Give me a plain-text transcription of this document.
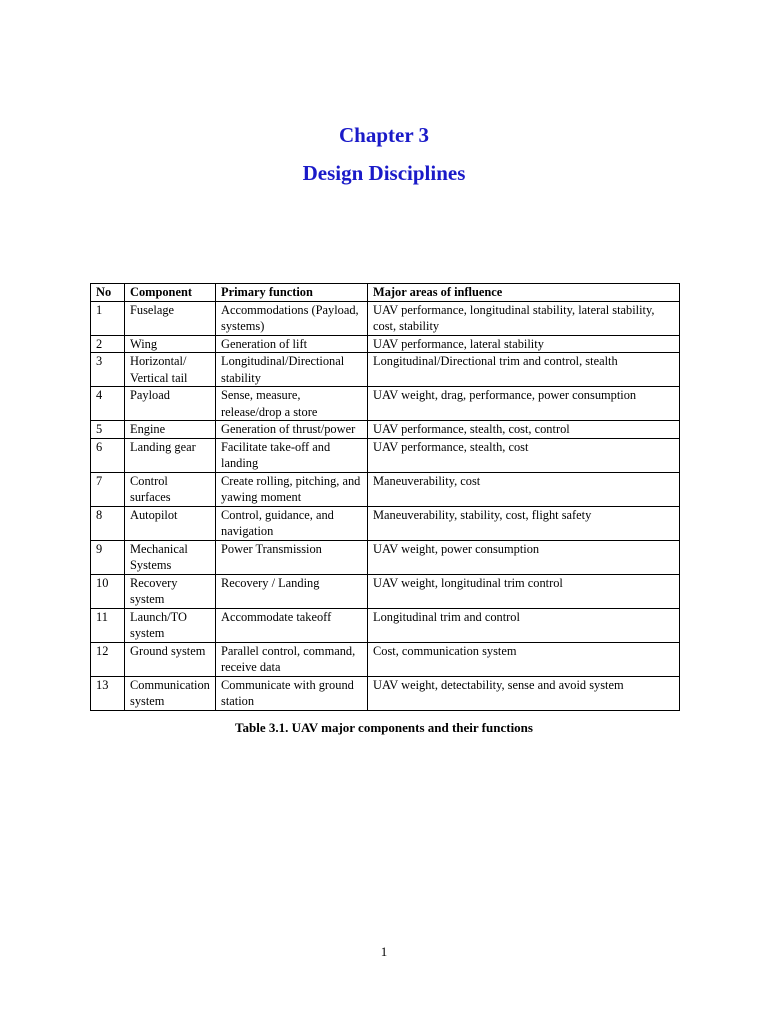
Chapter 3
Design Disciplines
No	Component	Primary function	Major areas of influence
1	Fuselage	Accommodations (Payload, systems)	UAV performance, longitudinal stability, lateral stability, cost, stability
2	Wing	Generation of lift	UAV performance, lateral stability
3	Horizontal/ Vertical tail	Longitudinal/Directional stability	Longitudinal/Directional trim and control, stealth
4	Payload	Sense, measure, release/drop a store	UAV weight, drag, performance, power consumption
5	Engine	Generation of thrust/power	UAV performance, stealth, cost, control
6	Landing gear	Facilitate take-off and landing	UAV performance, stealth, cost
7	Control surfaces	Create rolling, pitching, and yawing moment	Maneuverability, cost
8	Autopilot	Control, guidance, and navigation	Maneuverability, stability, cost, flight safety
9	Mechanical Systems	Power Transmission	UAV weight, power consumption
10	Recovery system	Recovery / Landing	UAV weight, longitudinal trim control
11	Launch/TO system	Accommodate takeoff	Longitudinal trim and control
12	Ground system	Parallel control, command, receive data	Cost, communication system
13	Communication system	Communicate with ground station	UAV weight, detectability, sense and avoid system
Table 3.1. UAV major components and their functions
1
